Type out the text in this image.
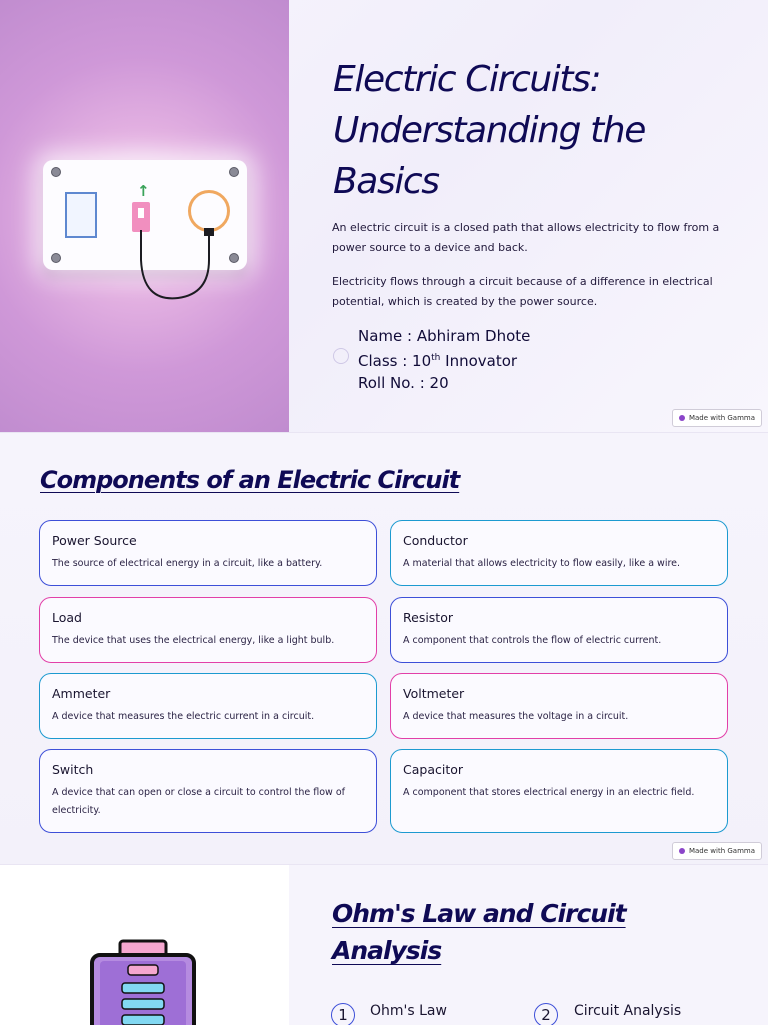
↑
Electric Circuits: Understanding the Basics

An electric circuit is a closed path that allows electricity to flow from a power source to a device and back.

Electricity flows through a circuit because of a difference in electrical potential, which is created by the power source.

Name : Abhiram Dhote
Class : 10th Innovator
Roll No. : 20
Made with Gamma
Components of an Electric Circuit
Power Source
The source of electrical energy in a circuit, like a battery.
Conductor
A material that allows electricity to flow easily, like a wire.
Load
The device that uses the electrical energy, like a light bulb.
Resistor
A component that controls the flow of electric current.
Ammeter
A device that measures the electric current in a circuit.
Voltmeter
A device that measures the voltage in a circuit.
Switch
A device that can open or close a circuit to control the flow of electricity.
Capacitor
A component that stores electrical energy in an electric field.
Made with Gamma
Ohm's Law and Circuit Analysis
1	Ohm's Law	2	Circuit Analysis
